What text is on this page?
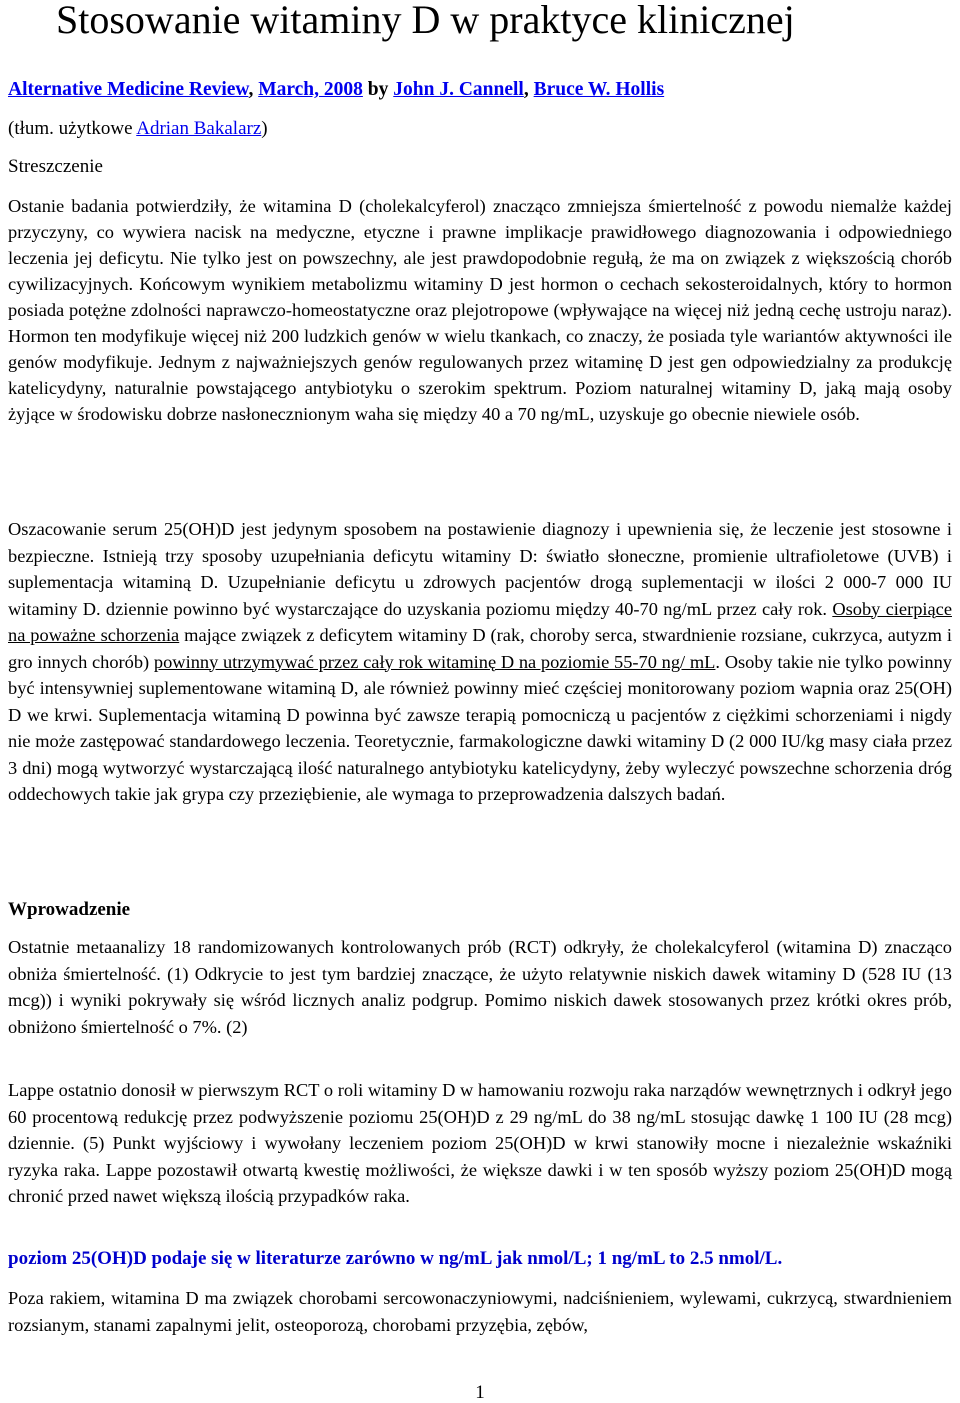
Stosowanie witaminy D w praktyce klinicznej
Alternative Medicine Review, March, 2008 by John J. Cannell, Bruce W. Hollis
(tłum. użytkowe Adrian Bakalarz)
Streszczenie

Ostanie badania potwierdziły, że witamina D (cholekalcyferol) znacząco zmniejsza śmiertelność z powodu niemalże każdej przyczyny, co wywiera nacisk na medyczne, etyczne i prawne implikacje prawidłowego diagnozowania i odpowiedniego leczenia jej deficytu. Nie tylko jest on powszechny, ale jest prawdopodobnie regułą, że ma on związek z większością chorób cywilizacyjnych. Końcowym wynikiem metabolizmu witaminy D jest hormon o cechach sekosteroidalnych, który to hormon posiada potężne zdolności naprawczo-homeostatyczne oraz plejotropowe (wpływające na więcej niż jedną cechę ustroju naraz). Hormon ten modyfikuje więcej niż 200 ludzkich genów w wielu tkankach, co znaczy, że posiada tyle wariantów aktywności ile genów modyfikuje. Jednym z najważniejszych genów regulowanych przez witaminę D jest gen odpowiedzialny za produkcję katelicydyny, naturalnie powstającego antybiotyku o szerokim spektrum. Poziom naturalnej witaminy D, jaką mają osoby żyjące w środowisku dobrze nasłonecznionym waha się między 40 a 70 ng/mL, uzyskuje go obecnie niewiele osób.

Oszacowanie serum 25(OH)D jest jedynym sposobem na postawienie diagnozy i upewnienia się, że leczenie jest stosowne i bezpieczne. Istnieją trzy sposoby uzupełniania deficytu witaminy D: światło słoneczne, promienie ultrafioletowe (UVB) i suplementacja witaminą D. Uzupełnianie deficytu u zdrowych pacjentów drogą suplementacji w ilości 2 000-7 000 IU witaminy D. dziennie powinno być wystarczające do uzyskania poziomu między 40-70 ng/mL przez cały rok. Osoby cierpiące na poważne schorzenia mające związek z deficytem witaminy D (rak, choroby serca, stwardnienie rozsiane, cukrzyca, autyzm i gro innych chorób) powinny utrzymywać przez cały rok witaminę D na poziomie 55-70 ng/ mL. Osoby takie nie tylko powinny być intensywniej suplementowane witaminą D, ale również powinny mieć częściej monitorowany poziom wapnia oraz 25(OH) D we krwi. Suplementacja witaminą D powinna być zawsze terapią pomocniczą u pacjentów z ciężkimi schorzeniami i nigdy nie może zastępować standardowego leczenia. Teoretycznie, farmakologiczne dawki witaminy D (2 000 IU/kg masy ciała przez 3 dni) mogą wytworzyć wystarczającą ilość naturalnego antybiotyku katelicydyny, żeby wyleczyć powszechne schorzenia dróg oddechowych takie jak grypa czy przeziębienie, ale wymaga to przeprowadzenia dalszych badań.

Wprowadzenie

Ostatnie metaanalizy 18 randomizowanych kontrolowanych prób (RCT) odkryły, że cholekalcyferol (witamina D) znacząco obniża śmiertelność. (1) Odkrycie to jest tym bardziej znaczące, że użyto relatywnie niskich dawek witaminy D (528 IU (13 mcg)) i wyniki pokrywały się wśród licznych analiz podgrup. Pomimo niskich dawek stosowanych przez krótki okres prób, obniżono śmiertelność o 7%. (2)

Lappe ostatnio donosił w pierwszym RCT o roli witaminy D w hamowaniu rozwoju raka narządów wewnętrznych i odkrył jego 60 procentową redukcję przez podwyższenie poziomu 25(OH)D z 29 ng/mL do 38 ng/mL stosując dawkę 1 100 IU (28 mcg) dziennie. (5) Punkt wyjściowy i wywołany leczeniem poziom 25(OH)D w krwi stanowiły mocne i niezależnie wskaźniki ryzyka raka. Lappe pozostawił otwartą kwestię możliwości, że większe dawki i w ten sposób wyższy poziom 25(OH)D mogą chronić przed nawet większą ilością przypadków raka.

poziom 25(OH)D podaje się w literaturze zarówno w ng/mL jak nmol/L; 1 ng/mL to 2.5 nmol/L.

Poza rakiem, witamina D ma związek chorobami sercowonaczyniowymi, nadciśnieniem, wylewami, cukrzycą, stwardnieniem rozsianym, stanami zapalnymi jelit, osteoporozą, chorobami przyzębia, zębów,

1
